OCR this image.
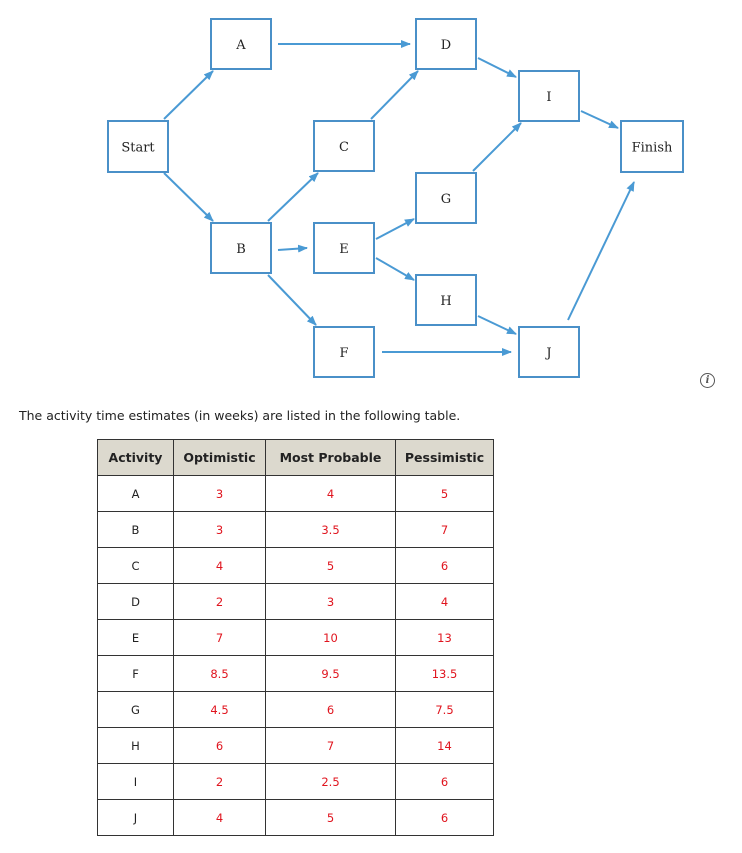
Start
A
B
C
D
E
F
G
H
I
J
Finish
i

The activity time estimates (in weeks) are listed in the following table.

Activity	Optimistic	Most Probable	Pessimistic
A	3	4	5
B	3	3.5	7
C	4	5	6
D	2	3	4
E	7	10	13
F	8.5	9.5	13.5
G	4.5	6	7.5
H	6	7	14
I	2	2.5	6
J	4	5	6
